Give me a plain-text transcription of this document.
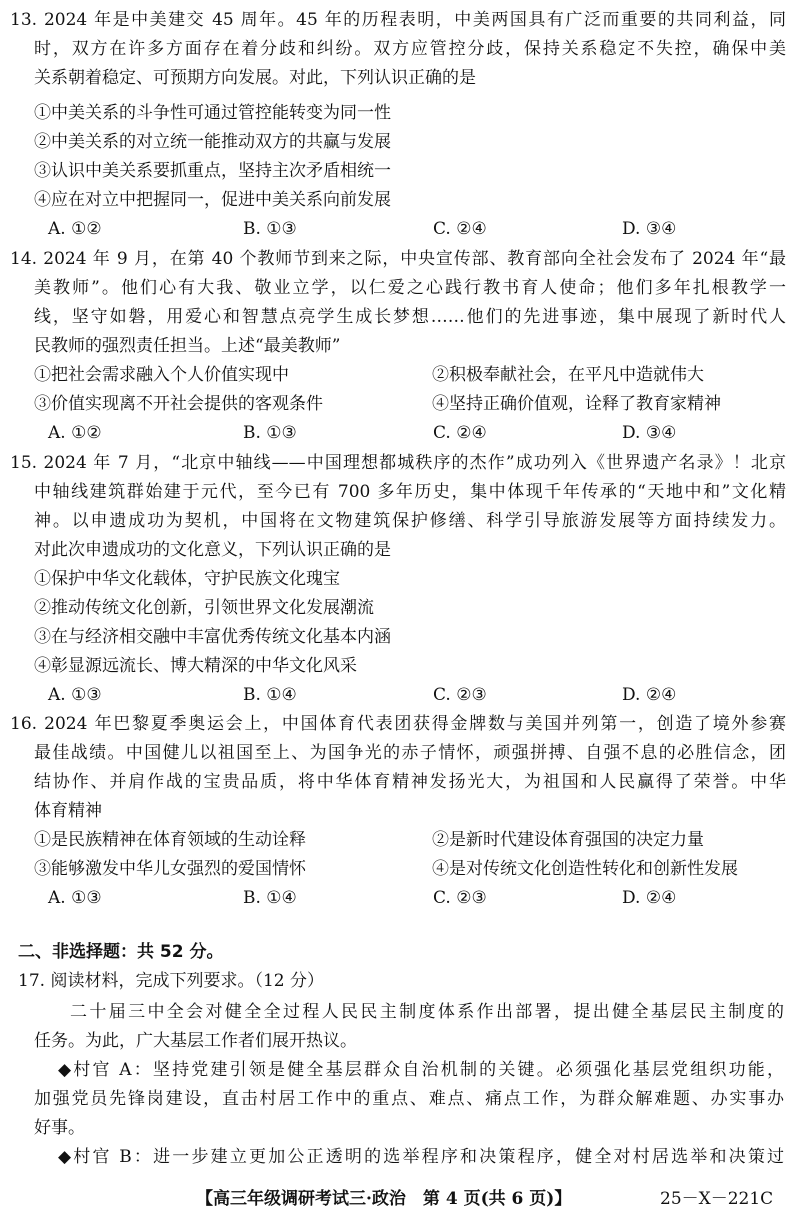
13. 2024 年是中美建交 45 周年。45 年的历程表明，中美两国具有广泛而重要的共同利益，同
时，双方在许多方面存在着分歧和纠纷。双方应管控分歧，保持关系稳定不失控，确保中美
关系朝着稳定、可预期方向发展。对此，下列认识正确的是
①中美关系的斗争性可通过管控能转变为同一性
②中美关系的对立统一能推动双方的共赢与发展
③认识中美关系要抓重点，坚持主次矛盾相统一
④应在对立中把握同一，促进中美关系向前发展
A. ①②	B. ①③	C. ②④	D. ③④
14. 2024 年 9 月，在第 40 个教师节到来之际，中央宣传部、教育部向全社会发布了 2024 年“最
美教师”。他们心有大我、敬业立学，以仁爱之心践行教书育人使命；他们多年扎根教学一
线，坚守如磐，用爱心和智慧点亮学生成长梦想……他们的先进事迹，集中展现了新时代人
民教师的强烈责任担当。上述“最美教师”
①把社会需求融入个人价值实现中	②积极奉献社会，在平凡中造就伟大
③价值实现离不开社会提供的客观条件	④坚持正确价值观，诠释了教育家精神
A. ①②	B. ①③	C. ②④	D. ③④
15. 2024 年 7 月，“北京中轴线——中国理想都城秩序的杰作”成功列入《世界遗产名录》！北京
中轴线建筑群始建于元代，至今已有 700 多年历史，集中体现千年传承的“天地中和”文化精
神。以申遗成功为契机，中国将在文物建筑保护修缮、科学引导旅游发展等方面持续发力。
对此次申遗成功的文化意义，下列认识正确的是
①保护中华文化载体，守护民族文化瑰宝
②推动传统文化创新，引领世界文化发展潮流
③在与经济相交融中丰富优秀传统文化基本内涵
④彰显源远流长、博大精深的中华文化风采
A. ①③	B. ①④	C. ②③	D. ②④
16. 2024 年巴黎夏季奥运会上，中国体育代表团获得金牌数与美国并列第一，创造了境外参赛
最佳战绩。中国健儿以祖国至上、为国争光的赤子情怀，顽强拼搏、自强不息的必胜信念，团
结协作、并肩作战的宝贵品质，将中华体育精神发扬光大，为祖国和人民赢得了荣誉。中华
体育精神
①是民族精神在体育领域的生动诠释	②是新时代建设体育强国的决定力量
③能够激发中华儿女强烈的爱国情怀	④是对传统文化创造性转化和创新性发展
A. ①③	B. ①④	C. ②③	D. ②④
二、非选择题：共 52 分。
17. 阅读材料，完成下列要求。（12 分）
二十届三中全会对健全全过程人民民主制度体系作出部署，提出健全基层民主制度的
任务。为此，广大基层工作者们展开热议。
◆村官 A：坚持党建引领是健全基层群众自治机制的关键。必须强化基层党组织功能，
加强党员先锋岗建设，直击村居工作中的重点、难点、痛点工作，为群众解难题、办实事办
好事。
◆村官 B：进一步建立更加公正透明的选举程序和决策程序，健全对村居选举和决策过
【高三年级调研考试三·政治　第 4 页(共 6 页)】	25－X－221C
